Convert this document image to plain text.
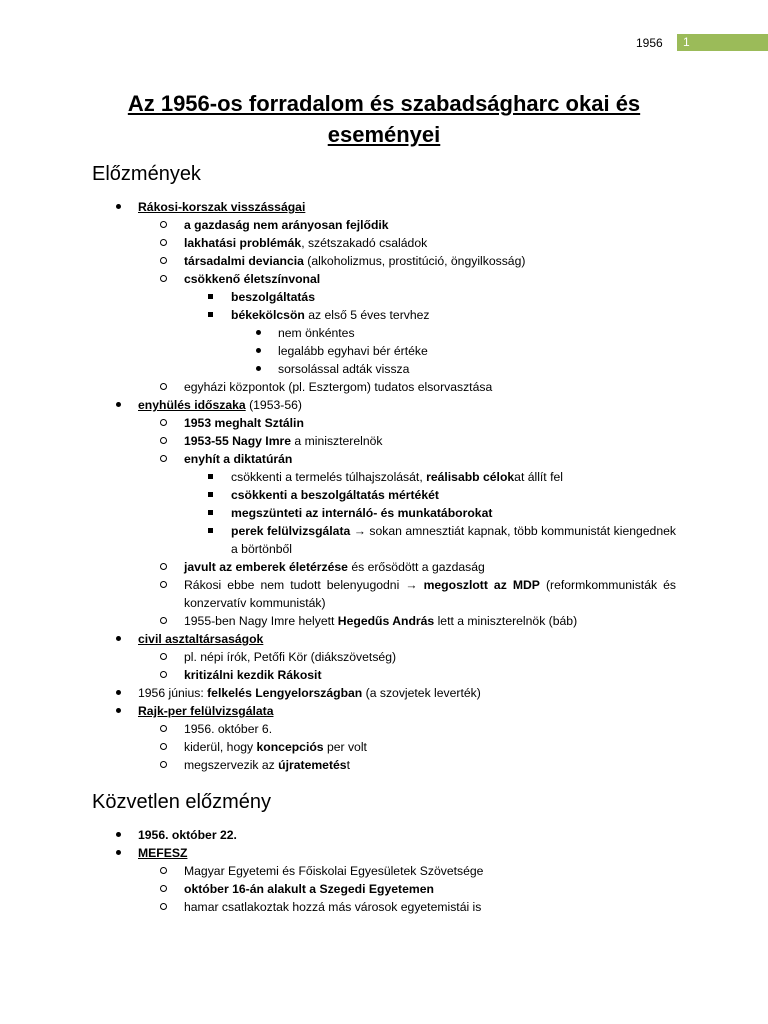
1956	1
Az 1956-os forradalom és szabadságharc okai és eseményei
Előzmények
Rákosi-korszak visszásságai
a gazdaság nem arányosan fejlődik
lakhatási problémák, szétszakadó családok
társadalmi deviancia (alkoholizmus, prostitúció, öngyilkosság)
csökkenő életszínvonal
beszolgáltatás
békekölcsön az első 5 éves tervhez
nem önkéntes
legalább egyhavi bér értéke
sorsolással adták vissza
egyházi központok (pl. Esztergom) tudatos elsorvasztása
enyhülés időszaka (1953-56)
1953 meghalt Sztálin
1953-55 Nagy Imre a miniszterelnök
enyhít a diktatúrán
csökkenti a termelés túlhajszolását, reálisabb célokat állít fel
csökkenti a beszolgáltatás mértékét
megszünteti az internáló- és munkatáborokat
perek felülvizsgálata → sokan amnesztiát kapnak, több kommunistát kiengednek a börtönből
javult az emberek életérzése és erősödött a gazdaság
Rákosi ebbe nem tudott belenyugodni → megoszlott az MDP (reformkommunisták és konzervatív kommunisták)
1955-ben Nagy Imre helyett Hegedűs András lett a miniszterelnök (báb)
civil asztaltársaságok
pl. népi írók, Petőfi Kör (diákszövetség)
kritizálni kezdik Rákosit
1956 június: felkelés Lengyelországban (a szovjetek leverték)
Rajk-per felülvizsgálata
1956. október 6.
kiderül, hogy koncepciós per volt
megszervezik az újratemetést
Közvetlen előzmény
1956. október 22.
MEFESZ
Magyar Egyetemi és Főiskolai Egyesületek Szövetsége
október 16-án alakult a Szegedi Egyetemen
hamar csatlakoztak hozzá más városok egyetemistái is
